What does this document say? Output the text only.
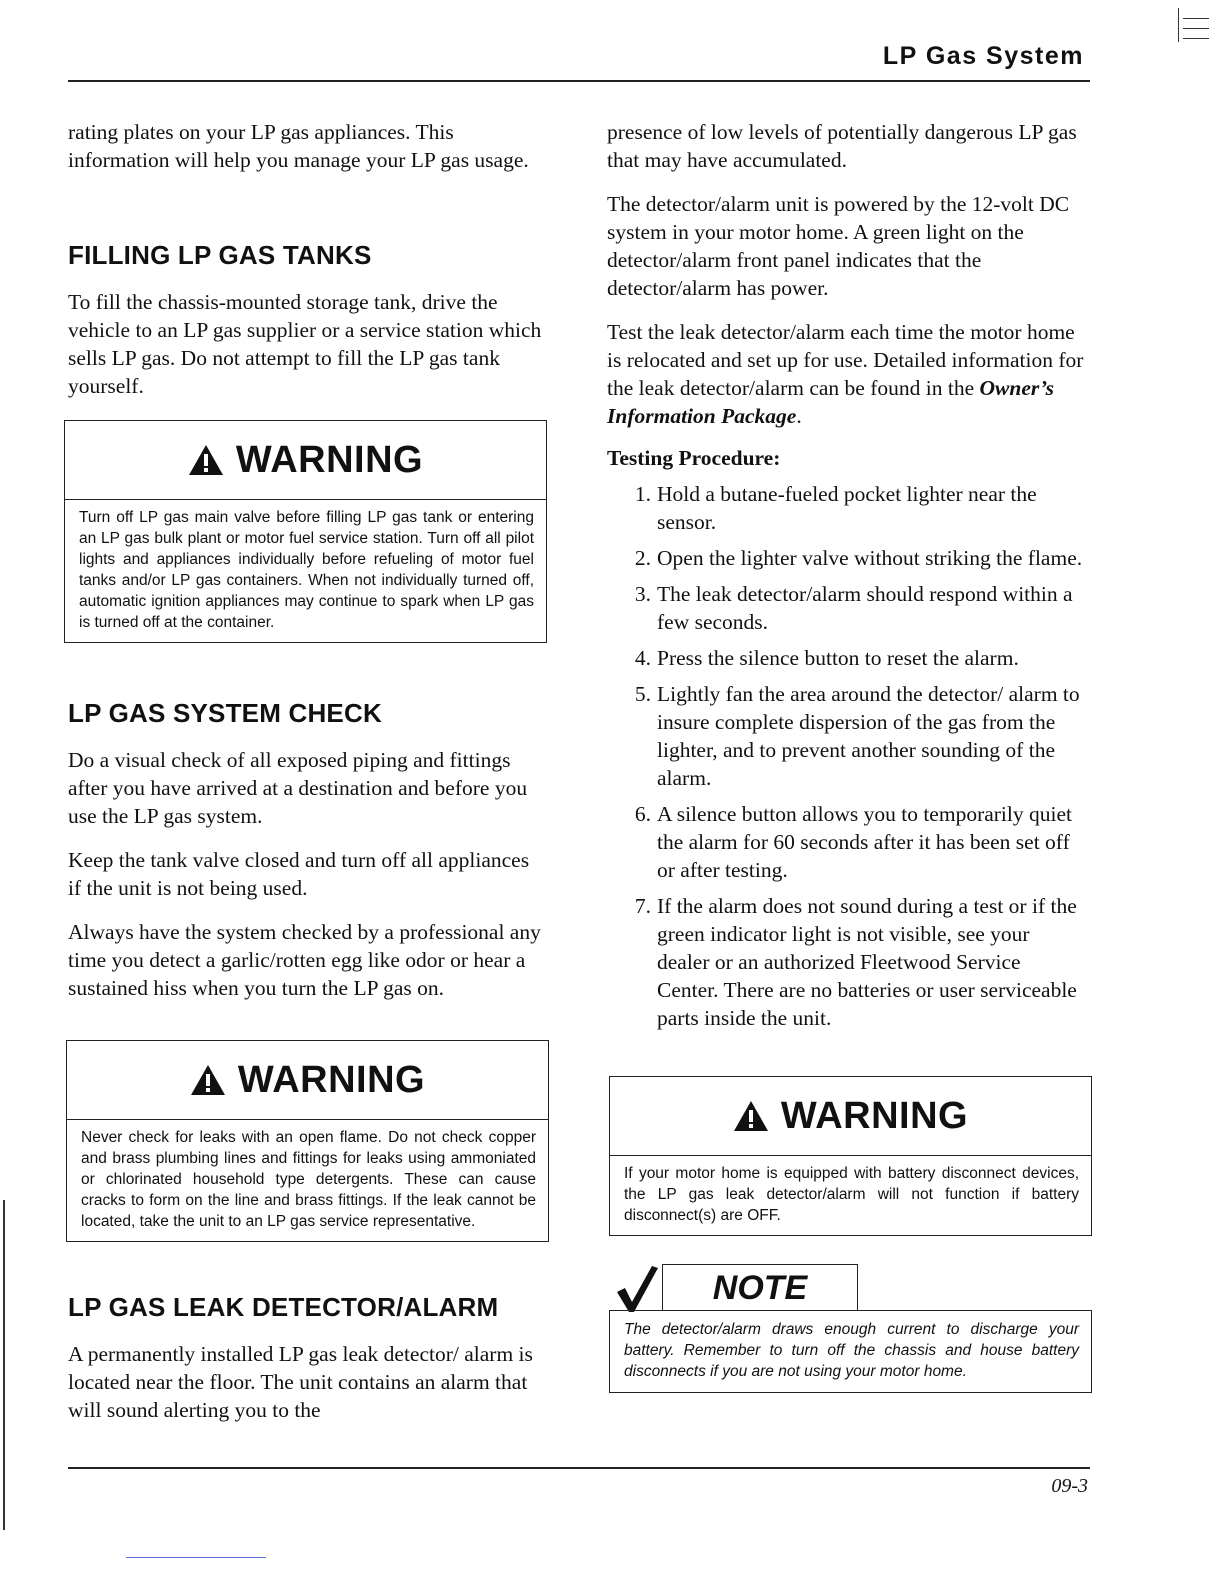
LP Gas System

rating plates on your LP gas appliances. This information will help you manage your LP gas usage.

FILLING LP GAS TANKS

To fill the chassis-mounted storage tank, drive the vehicle to an LP gas supplier or a service station which sells LP gas. Do not attempt to fill the LP gas tank yourself.

WARNING
Turn off LP gas main valve before filling LP gas tank or entering an LP gas bulk plant or motor fuel service station. Turn off all pilot lights and appliances individually before refueling of motor fuel tanks and/or LP gas containers. When not individually turned off, automatic ignition appliances may continue to spark when LP gas is turned off at the container.
LP GAS SYSTEM CHECK

Do a visual check of all exposed piping and fittings after you have arrived at a destination and before you use the LP gas system.

Keep the tank valve closed and turn off all appliances if the unit is not being used.

Always have the system checked by a professional any time you detect a garlic/rotten egg like odor or hear a sustained hiss when you turn the LP gas on.

WARNING
Never check for leaks with an open flame. Do not check copper and brass plumbing lines and fittings for leaks using ammoniated or chlorinated household type detergents. These can cause cracks to form on the line and brass fittings. If the leak cannot be located, take the unit to an LP gas service representative.
LP GAS LEAK DETECTOR/ALARM

A permanently installed LP gas leak detector/ alarm is located near the floor. The unit contains an alarm that will sound alerting you to the

presence of low levels of potentially dangerous LP gas that may have accumulated.

The detector/alarm unit is powered by the 12-volt DC system in your motor home. A green light on the detector/alarm front panel indicates that the detector/alarm has power.

Test the leak detector/alarm each time the motor home is relocated and set up for use. Detailed information for the leak detector/alarm can be found in the Owner’s Information Package.

Testing Procedure:
1. Hold a butane-fueled pocket lighter near the sensor.
2. Open the lighter valve without striking the flame.
3. The leak detector/alarm should respond within a few seconds.
4. Press the silence button to reset the alarm.
5. Lightly fan the area around the detector/ alarm to insure complete dispersion of the gas from the lighter, and to prevent another sounding of the alarm.
6. A silence button allows you to temporarily quiet the alarm for 60 seconds after it has been set off or after testing.
7. If the alarm does not sound during a test or if the green indicator light is not visible, see your dealer or an authorized Fleetwood Service Center. There are no batteries or user serviceable parts inside the unit.
WARNING
If your motor home is equipped with battery disconnect devices, the LP gas leak detector/alarm will not function if battery disconnect(s) are OFF.
NOTE
The detector/alarm draws enough current to discharge your battery. Remember to turn off the chassis and house battery disconnects if you are not using your motor home.
09-3
